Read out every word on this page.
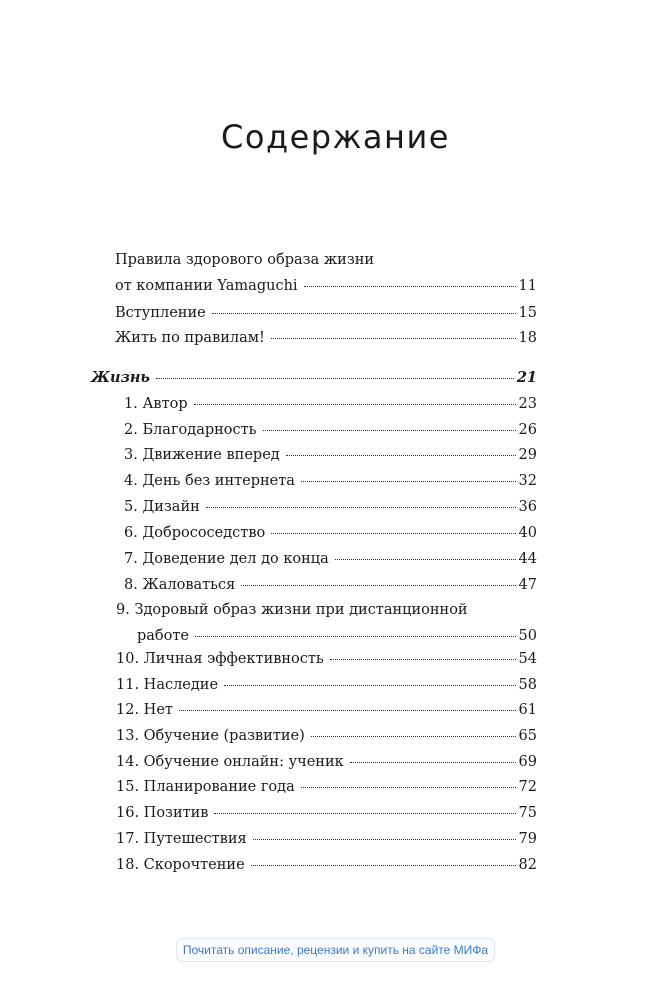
Содержание
Правила здорового образа жизни
от компании Yamaguchi	11
Вступление	15
Жить по правилам!	18
Жизнь	21
1. Автор	23
2. Благодарность	26
3. Движение вперед	29
4. День без интернета	32
5. Дизайн	36
6. Добрососедство	40
7. Доведение дел до конца	44
8. Жаловаться	47
9. Здоровый образ жизни при дистанционной
работе	50
10. Личная эффективность	54
11. Наследие	58
12. Нет	61
13. Обучение (развитие)	65
14. Обучение онлайн: ученик	69
15. Планирование года	72
16. Позитив	75
17. Путешествия	79
18. Скорочтение	82
Почитать описание, рецензии и купить на сайте МИФа
